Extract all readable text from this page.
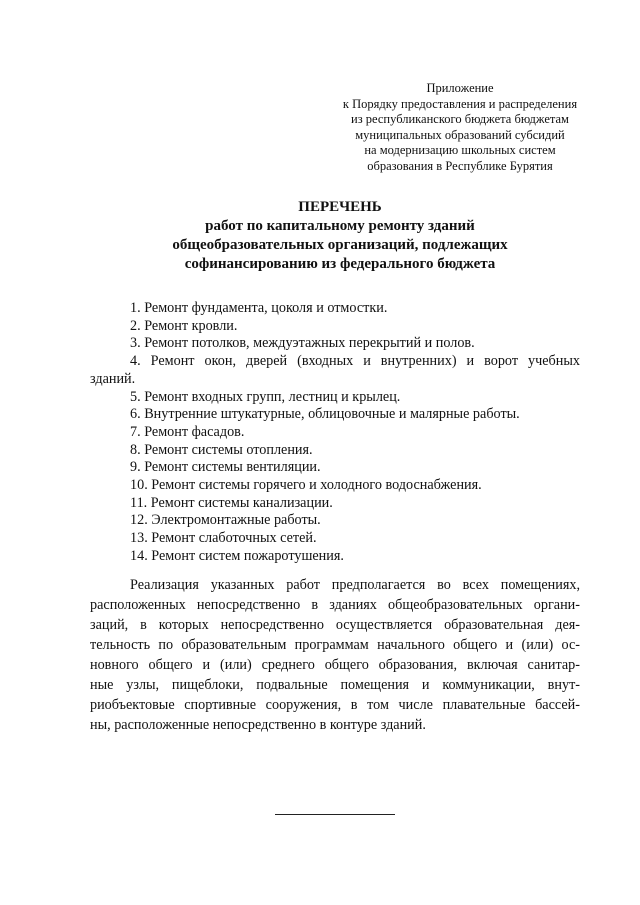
Приложение
к Порядку предоставления и распределения
из республиканского бюджета бюджетам
муниципальных образований субсидий
на модернизацию школьных систем
образования в Республике Бурятия
ПЕРЕЧЕНЬ
работ по капитальному ремонту зданий
общеобразовательных организаций, подлежащих
софинансированию из федерального бюджета
1. Ремонт фундамента, цоколя и отмостки.
2. Ремонт кровли.
3. Ремонт потолков, междуэтажных перекрытий и полов.
4. Ремонт окон, дверей (входных и внутренних) и ворот учебных
зданий.
5. Ремонт входных групп, лестниц и крылец.
6. Внутренние штукатурные, облицовочные и малярные работы.
7. Ремонт фасадов.
8. Ремонт системы отопления.
9. Ремонт системы вентиляции.
10. Ремонт системы горячего и холодного водоснабжения.
11. Ремонт системы канализации.
12. Электромонтажные работы.
13. Ремонт слаботочных сетей.
14. Ремонт систем пожаротушения.
Реализация указанных работ предполагается во всех помещениях,
расположенных непосредственно в зданиях общеобразовательных органи-
заций, в которых непосредственно осуществляется образовательная дея-
тельность по образовательным программам начального общего и (или) ос-
новного общего и (или) среднего общего образования, включая санитар-
ные узлы, пищеблоки, подвальные помещения и коммуникации, внут-
риобъектовые спортивные сооружения, в том числе плавательные бассей-
ны, расположенные непосредственно в контуре зданий.
